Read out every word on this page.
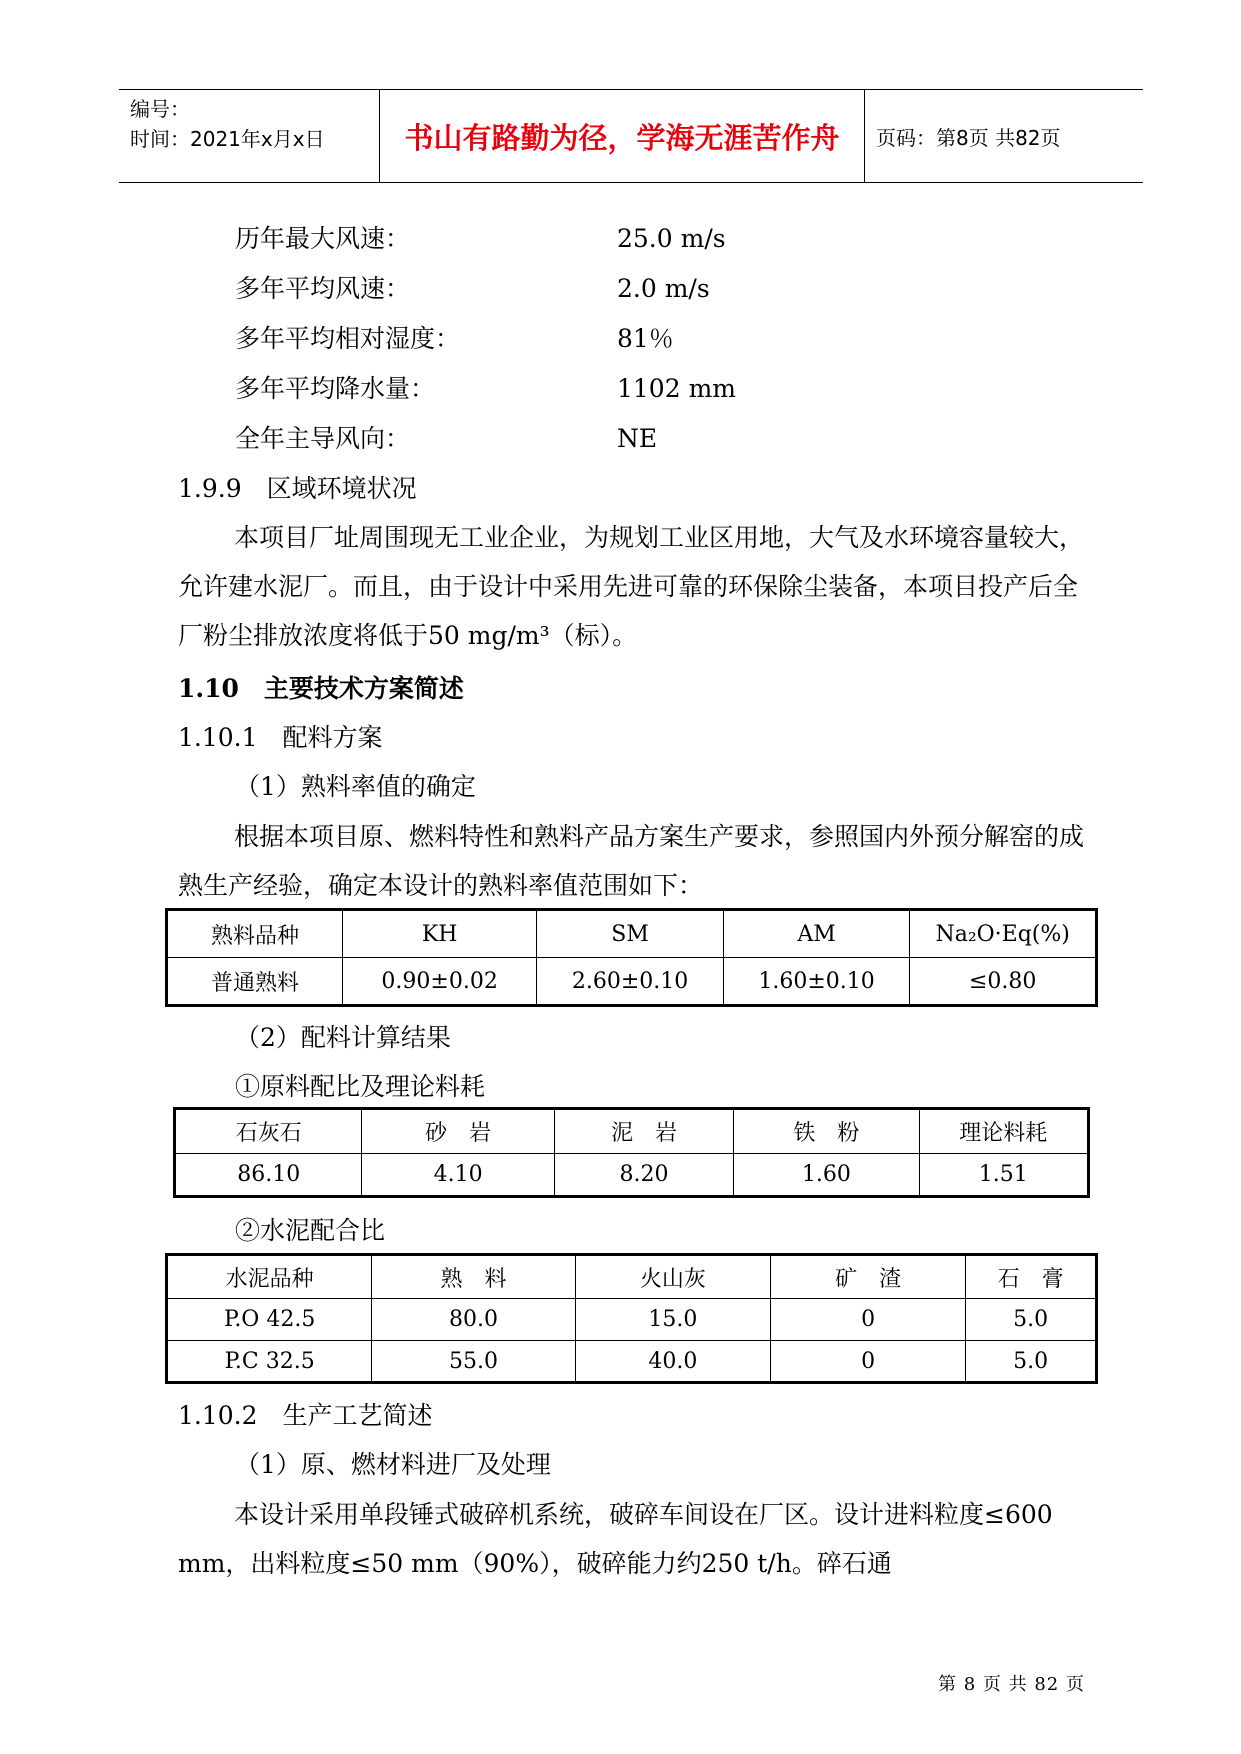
编号：
时间：2021年x月x日	书山有路勤为径，学海无涯苦作舟	页码：第8页 共82页
历年最大风速：	25.0 m/s
多年平均风速：	2.0 m/s
多年平均相对湿度：	81％
多年平均降水量：	1102 mm
全年主导风向：	NE
1.9.9　区域环境状况
本项目厂址周围现无工业企业，为规划工业区用地，大气及水环境容量较大，允许建水泥厂。而且，由于设计中采用先进可靠的环保除尘装备，本项目投产后全厂粉尘排放浓度将低于50 mg/m³（标）。
1.10　主要技术方案简述
1.10.1　配料方案
（1）熟料率值的确定
根据本项目原、燃料特性和熟料产品方案生产要求，参照国内外预分解窑的成熟生产经验，确定本设计的熟料率值范围如下：
熟料品种	KH	SM	AM	Na₂O·Eq(%)
普通熟料	0.90±0.02	2.60±0.10	1.60±0.10	≤0.80
（2）配料计算结果
①原料配比及理论料耗
石灰石	砂　岩	泥　岩	铁　粉	理论料耗
86.10	4.10	8.20	1.60	1.51
②水泥配合比
水泥品种	熟　料	火山灰	矿　渣	石　膏
P.O 42.5	80.0	15.0	0	5.0
P.C 32.5	55.0	40.0	0	5.0
1.10.2　生产工艺简述
（1）原、燃材料进厂及处理
本设计采用单段锤式破碎机系统，破碎车间设在厂区。设计进料粒度≤600 mm，出料粒度≤50 mm（90%），破碎能力约250 t/h。碎石通
第 8 页 共 82 页
